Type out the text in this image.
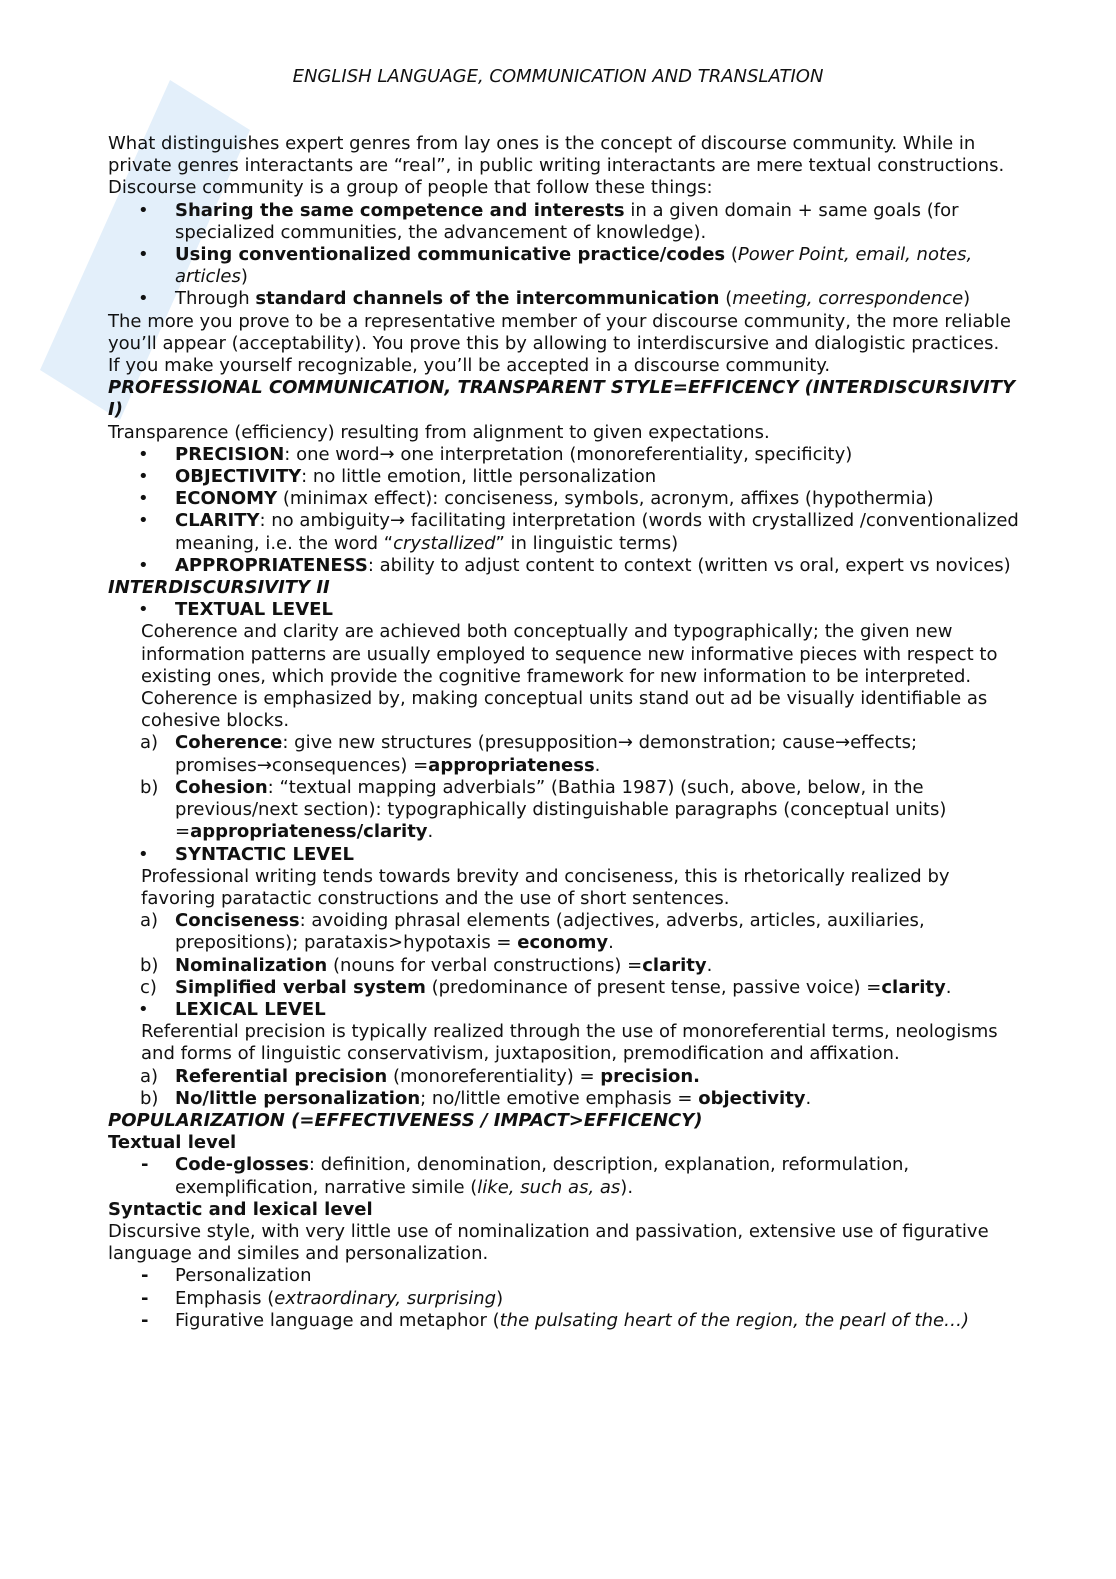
ENGLISH LANGUAGE, COMMUNICATION AND TRANSLATION

What distinguishes expert genres from lay ones is the concept of discourse community. While in private genres interactants are “real”, in public writing interactants are mere textual constructions.

Discourse community is a group of people that follow these things:

• Sharing the same competence and interests in a given domain + same goals (for specialized communities, the advancement of knowledge).
• Using conventionalized communicative practice/codes (Power Point, email, notes, articles)
• Through standard channels of the intercommunication (meeting, correspondence)

The more you prove to be a representative member of your discourse community, the more reliable you’ll appear (acceptability). You prove this by allowing to interdiscursive and dialogistic practices.

If you make yourself recognizable, you’ll be accepted in a discourse community.

PROFESSIONAL COMMUNICATION, TRANSPARENT STYLE=EFFICENCY (INTERDISCURSIVITY I)

Transparence (efficiency) resulting from alignment to given expectations.

• PRECISION: one word→ one interpretation (monoreferentiality, specificity)
• OBJECTIVITY: no little emotion, little personalization
• ECONOMY (minimax effect): conciseness, symbols, acronym, affixes (hypothermia)
• CLARITY: no ambiguity→ facilitating interpretation (words with crystallized /conventionalized meaning, i.e. the word “crystallized” in linguistic terms)
• APPROPRIATENESS: ability to adjust content to context (written vs oral, expert vs novices)

INTERDISCURSIVITY II

• TEXTUAL LEVEL

Coherence and clarity are achieved both conceptually and typographically; the given new information patterns are usually employed to sequence new informative pieces with respect to existing ones, which provide the cognitive framework for new information to be interpreted.

Coherence is emphasized by, making conceptual units stand out ad be visually identifiable as cohesive blocks.

a) Coherence: give new structures (presupposition→ demonstration; cause→effects; promises→consequences) =appropriateness.
b) Cohesion: “textual mapping adverbials” (Bathia 1987) (such, above, below, in the previous/next section): typographically distinguishable paragraphs (conceptual units) =appropriateness/clarity.
• SYNTACTIC LEVEL

Professional writing tends towards brevity and conciseness, this is rhetorically realized by favoring paratactic constructions and the use of short sentences.

a) Conciseness: avoiding phrasal elements (adjectives, adverbs, articles, auxiliaries, prepositions); parataxis>hypotaxis = economy.
b) Nominalization (nouns for verbal constructions) =clarity.
c) Simplified verbal system (predominance of present tense, passive voice) =clarity.
• LEXICAL LEVEL

Referential precision is typically realized through the use of monoreferential terms, neologisms and forms of linguistic conservativism, juxtaposition, premodification and affixation.

a) Referential precision (monoreferentiality) = precision.
b) No/little personalization; no/little emotive emphasis = objectivity.

POPULARIZATION (=EFFECTIVENESS / IMPACT>EFFICENCY)

Textual level

- Code-glosses: definition, denomination, description, explanation, reformulation, exemplification, narrative simile (like, such as, as).

Syntactic and lexical level

Discursive style, with very little use of nominalization and passivation, extensive use of figurative language and similes and personalization.

- Personalization
- Emphasis (extraordinary, surprising)
- Figurative language and metaphor (the pulsating heart of the region, the pearl of the…)
